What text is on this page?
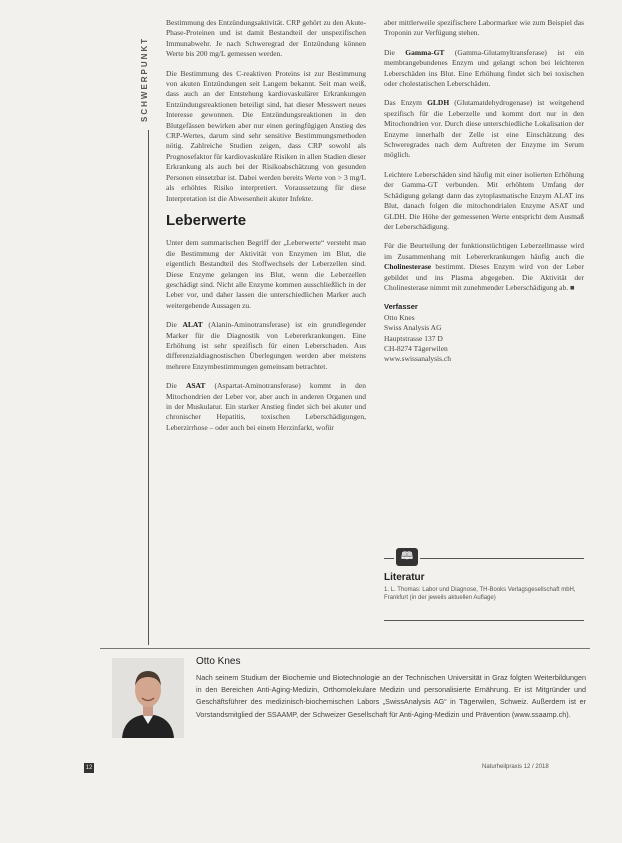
SCHWERPUNKT

Bestimmung des Entzündungsaktivität. CRP gehört zu den Akute-Phase-Proteinen und ist damit Bestandteil der unspezifischen Immunabwehr. Je nach Schweregrad der Entzündung können Werte bis 200 mg/L gemessen werden.

Die Bestimmung des C-reaktiven Proteins ist zur Bestimmung von akuten Entzündungen seit Langem bekannt. Seit man weiß, dass auch an der Entstehung kardiovaskulärer Erkrankungen Entzündungsreaktionen beteiligt sind, hat dieser Messwert neues Interesse gewonnen. Die Entzündungsreaktionen in den Blutgefässen bewirken aber nur einen geringfügigen Anstieg des CRP-Wertes, darum sind sehr sensitive Bestimmungsmethoden nötig. Zahlreiche Studien zeigen, dass CRP sowohl als Prognosefaktor für kardiovaskuläre Risiken in allen Stadien dieser Erkrankung als auch bei der Risikoabschätzung von gesunden Personen einsetzbar ist. Dabei werden bereits Werte von > 3 mg/L als erhöhtes Risiko interpretiert. Voraussetzung für diese Interpretation ist die Abwesenheit akuter Infekte.

Leberwerte

Unter dem summarischen Begriff der „Leberwerte“ versteht man die Bestimmung der Aktivität von Enzymen im Blut, die eigentlich Bestandteil des Stoffwechsels der Leberzellen sind. Diese Enzyme gelangen ins Blut, wenn die Leberzellen geschädigt sind. Nicht alle Enzyme kommen ausschließlich in der Leber vor, und daher lassen die unterschiedlichen Marker auch weitergehende Aussagen zu.

Die ALAT (Alanin-Aminotransferase) ist ein grundlegender Marker für die Diagnostik von Lebererkrankungen. Eine Erhöhung ist sehr spezifisch für einen Leberschaden. Aus differenzialdiagnostischen Überlegungen werden aber meistens mehrere Enzymbestimmungen gemeinsam betrachtet.

Die ASAT (Aspartat-Aminotransferase) kommt in den Mitochondrien der Leber vor, aber auch in anderen Organen und in der Muskulatur. Ein starker Anstieg findet sich bei akuter und chronischer Hepatitis, toxischen Leberschädigungen, Leberzirrhose – oder auch bei einem Herzinfarkt, wofür

aber mittlerweile spezifischere Labormarker wie zum Beispiel das Troponin zur Verfügung stehen.

Die Gamma-GT (Gamma-Glutamyltransferase) ist ein membrangebundenes Enzym und gelangt schon bei leichteren Leberschäden ins Blut. Eine Erhöhung findet sich bei toxischen oder cholestatischen Leberschäden.

Das Enzym GLDH (Glutamatdehydrogenase) ist weitgehend spezifisch für die Leberzelle und kommt dort nur in den Mitochondrien vor. Durch diese unterschiedliche Lokalisation der Enzyme innerhalb der Zelle ist eine Einschätzung des Schweregrades nach dem Auftreten der Enzyme im Serum möglich.

Leichtere Leberschäden sind häufig mit einer isolierten Erhöhung der Gamma-GT verbunden. Mit erhöhtem Umfang der Schädigung gelangt dann das zytoplasmatische Enzym ALAT ins Blut, danach folgen die mitochondrialen Enzyme ASAT und GLDH. Die Höhe der gemessenen Werte entspricht dem Ausmaß der Leberschädigung.

Für die Beurteilung der funktionstüchtigen Leberzellmasse wird im Zusammenhang mit Lebererkrankungen häufig auch die Cholinesterase bestimmt. Dieses Enzym wird von der Leber gebildet und ins Plasma abgegeben. Die Aktivität der Cholinesterase nimmt mit zunehmender Leberschädigung ab. ■

Verfasser
Otto Knes
Swiss Analysis AG
Hauptstrasse 137 D
CH-8274 Tägerwilen
www.swissanalysis.ch
🕮
Literatur
1. L. Thomas: Labor und Diagnose, TH-Books Verlagsgesellschaft mbH, Frankfurt (in der jeweils aktuellen Auflage)
Otto Knes
Nach seinem Studium der Biochemie und Biotechnologie an der Technischen Universität in Graz folgten Weiterbildungen in den Bereichen Anti-Aging-Medizin, Orthomolekulare Medizin und personalisierte Ernährung. Er ist Mitgründer und Geschäftsführer des medizinisch-biochemischen Labors „SwissAnalysis AG“ in Tägerwilen, Schweiz. Außerdem ist er Vorstandsmitglied der SSAAMP, der Schweizer Gesellschaft für Anti-Aging-Medizin und Prävention (www.ssaamp.ch).
12	Naturheilpraxis 12 / 2018
